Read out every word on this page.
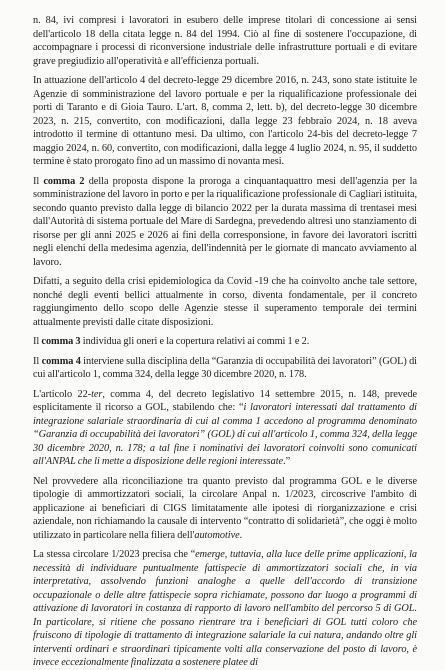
n. 84, ivi compresi i lavoratori in esubero delle imprese titolari di concessione ai sensi dell'articolo 18 della citata legge n. 84 del 1994. Ciò al fine di sostenere l'occupazione, di accompagnare i processi di riconversione industriale delle infrastrutture portuali e di evitare grave pregiudizio all'operatività e all'efficienza portuali.

In attuazione dell'articolo 4 del decreto-legge 29 dicembre 2016, n. 243, sono state istituite le Agenzie di somministrazione del lavoro portuale e per la riqualificazione professionale dei porti di Taranto e di Gioia Tauro. L'art. 8, comma 2, lett. b), del decreto-legge 30 dicembre 2023, n. 215, convertito, con modificazioni, dalla legge 23 febbraio 2024, n. 18 aveva introdotto il termine di ottantuno mesi. Da ultimo, con l'articolo 24-bis del decreto-legge 7 maggio 2024, n. 60, convertito, con modificazioni, dalla legge 4 luglio 2024, n. 95, il suddetto termine è stato prorogato fino ad un massimo di novanta mesi.

Il comma 2 della proposta dispone la proroga a cinquantaquattro mesi dell'agenzia per la somministrazione del lavoro in porto e per la riqualificazione professionale di Cagliari istituita, secondo quanto previsto dalla legge di bilancio 2022 per la durata massima di trentasei mesi dall'Autorità di sistema portuale del Mare di Sardegna, prevedendo altresì uno stanziamento di risorse per gli anni 2025 e 2026 ai fini della corresponsione, in favore dei lavoratori iscritti negli elenchi della medesima agenzia, dell'indennità per le giornate di mancato avviamento al lavoro.

Difatti, a seguito della crisi epidemiologica da Covid -19 che ha coinvolto anche tale settore, nonché degli eventi bellici attualmente in corso, diventa fondamentale, per il concreto raggiungimento dello scopo delle Agenzie stesse il superamento temporale dei termini attualmente previsti dalle citate disposizioni.

Il comma 3 individua gli oneri e la copertura relativi ai commi 1 e 2.

Il comma 4 interviene sulla disciplina della “Garanzia di occupabilità dei lavoratori” (GOL) di cui all'articolo 1, comma 324, della legge 30 dicembre 2020, n. 178.

L'articolo 22-ter, comma 4, del decreto legislativo 14 settembre 2015, n. 148, prevede esplicitamente il ricorso a GOL, stabilendo che: “i lavoratori interessati dal trattamento di integrazione salariale straordinaria di cui al comma 1 accedono al programma denominato “Garanzia di occupabilità dei lavoratori” (GOL) di cui all'articolo 1, comma 324, della legge 30 dicembre 2020, n. 178; a tal fine i nominativi dei lavoratori coinvolti sono comunicati all'ANPAL che li mette a disposizione delle regioni interessate.”

Nel provvedere alla riconciliazione tra quanto previsto dal programma GOL e le diverse tipologie di ammortizzatori sociali, la circolare Anpal n. 1/2023, circoscrive l'ambito di applicazione ai beneficiari di CIGS limitatamente alle ipotesi di riorganizzazione e crisi aziendale, non richiamando la causale di intervento “contratto di solidarietà”, che oggi è molto utilizzato in particolare nella filiera dell'automotive.

La stessa circolare 1/2023 precisa che “emerge, tuttavia, alla luce delle prime applicazioni, la necessità di individuare puntualmente fattispecie di ammortizzatori sociali che, in via interpretativa, assolvendo funzioni analoghe a quelle dell'accordo di transizione occupazionale o delle altre fattispecie sopra richiamate, possono dar luogo a programmi di attivazione di lavoratori in costanza di rapporto di lavoro nell'ambito del percorso 5 di GOL. In particolare, si ritiene che possano rientrare tra i beneficiari di GOL tutti coloro che fruiscono di tipologie di trattamento di integrazione salariale la cui natura, andando oltre gli interventi ordinari e straordinari tipicamente volti alla conservazione del posto di lavoro, è invece eccezionalmente finalizzata a sostenere platee di
